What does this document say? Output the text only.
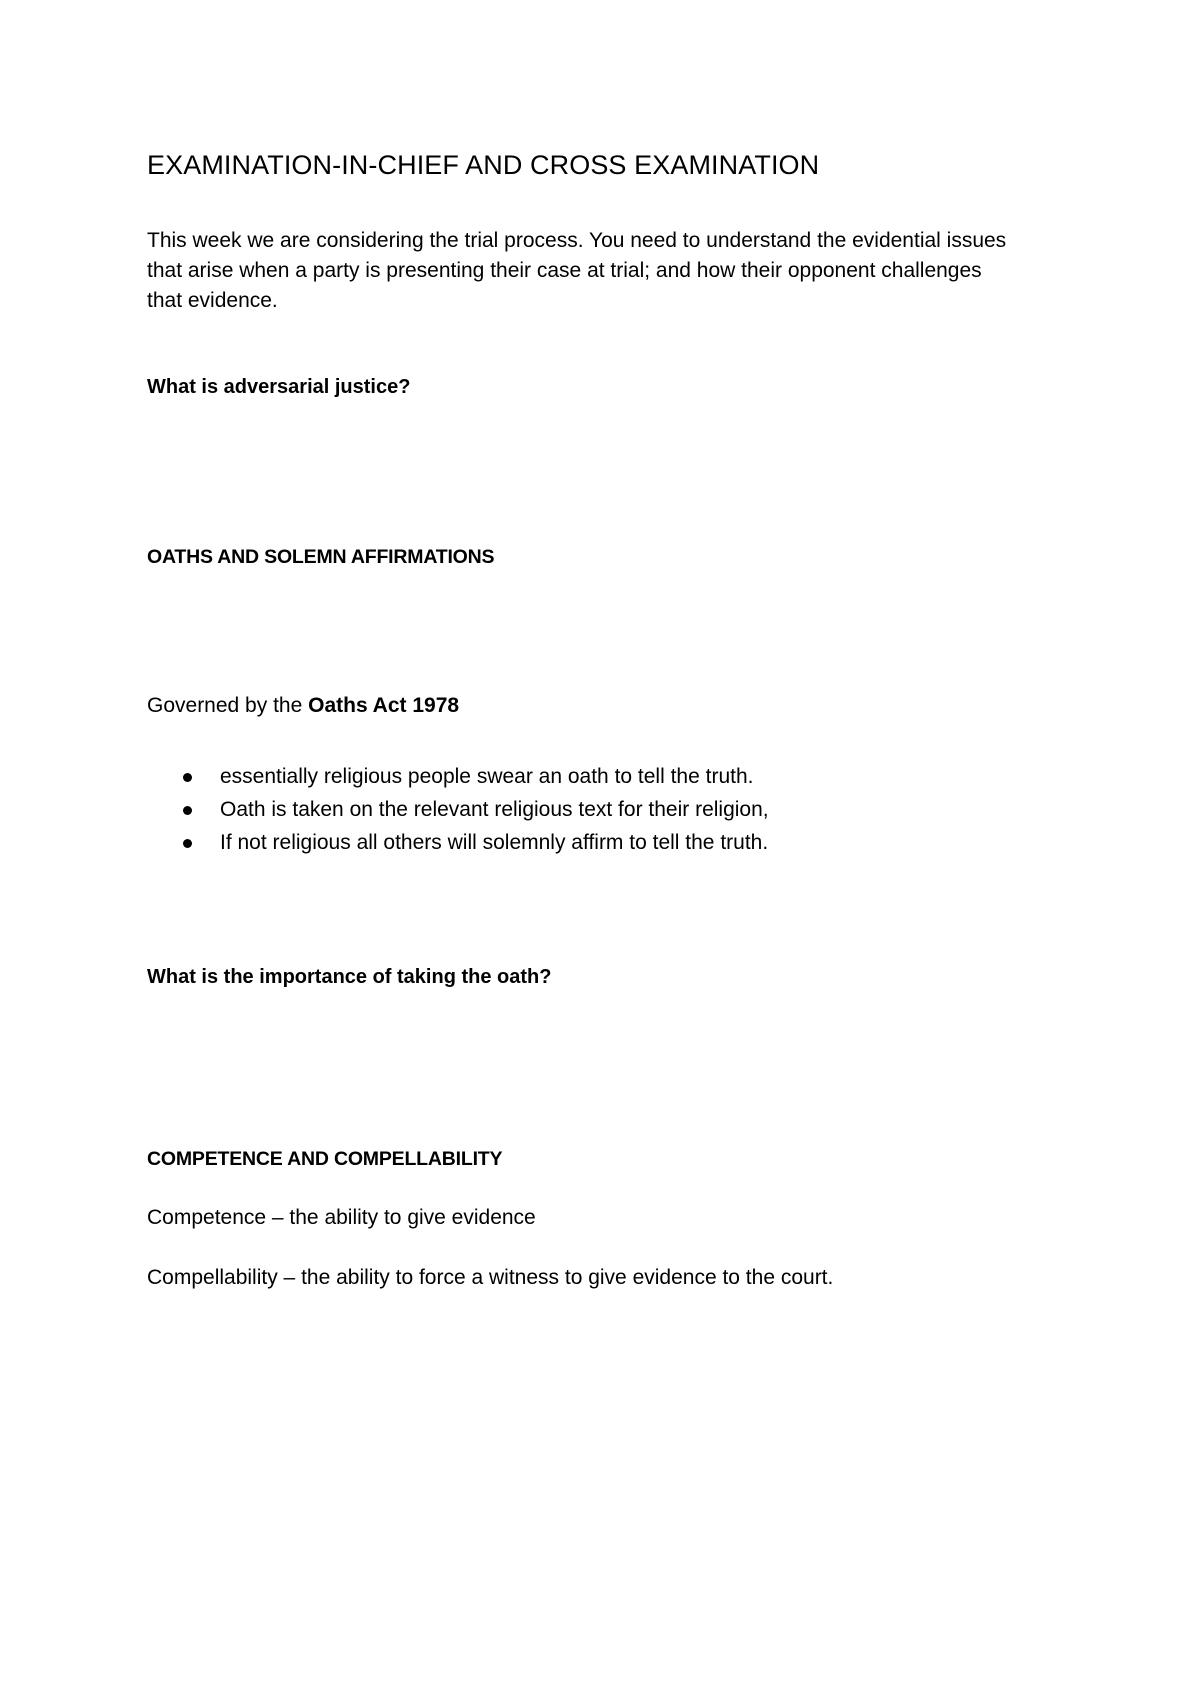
EXAMINATION-IN-CHIEF AND CROSS EXAMINATION

This week we are considering the trial process. You need to understand the evidential issues
that arise when a party is presenting their case at trial; and how their opponent challenges
that evidence.

What is adversarial justice?

OATHS AND SOLEMN AFFIRMATIONS

Governed by the Oaths Act 1978

essentially religious people swear an oath to tell the truth.
Oath is taken on the relevant religious text for their religion,
If not religious all others will solemnly affirm to tell the truth.

What is the importance of taking the oath?

COMPETENCE AND COMPELLABILITY

Competence – the ability to give evidence

Compellability – the ability to force a witness to give evidence to the court.
